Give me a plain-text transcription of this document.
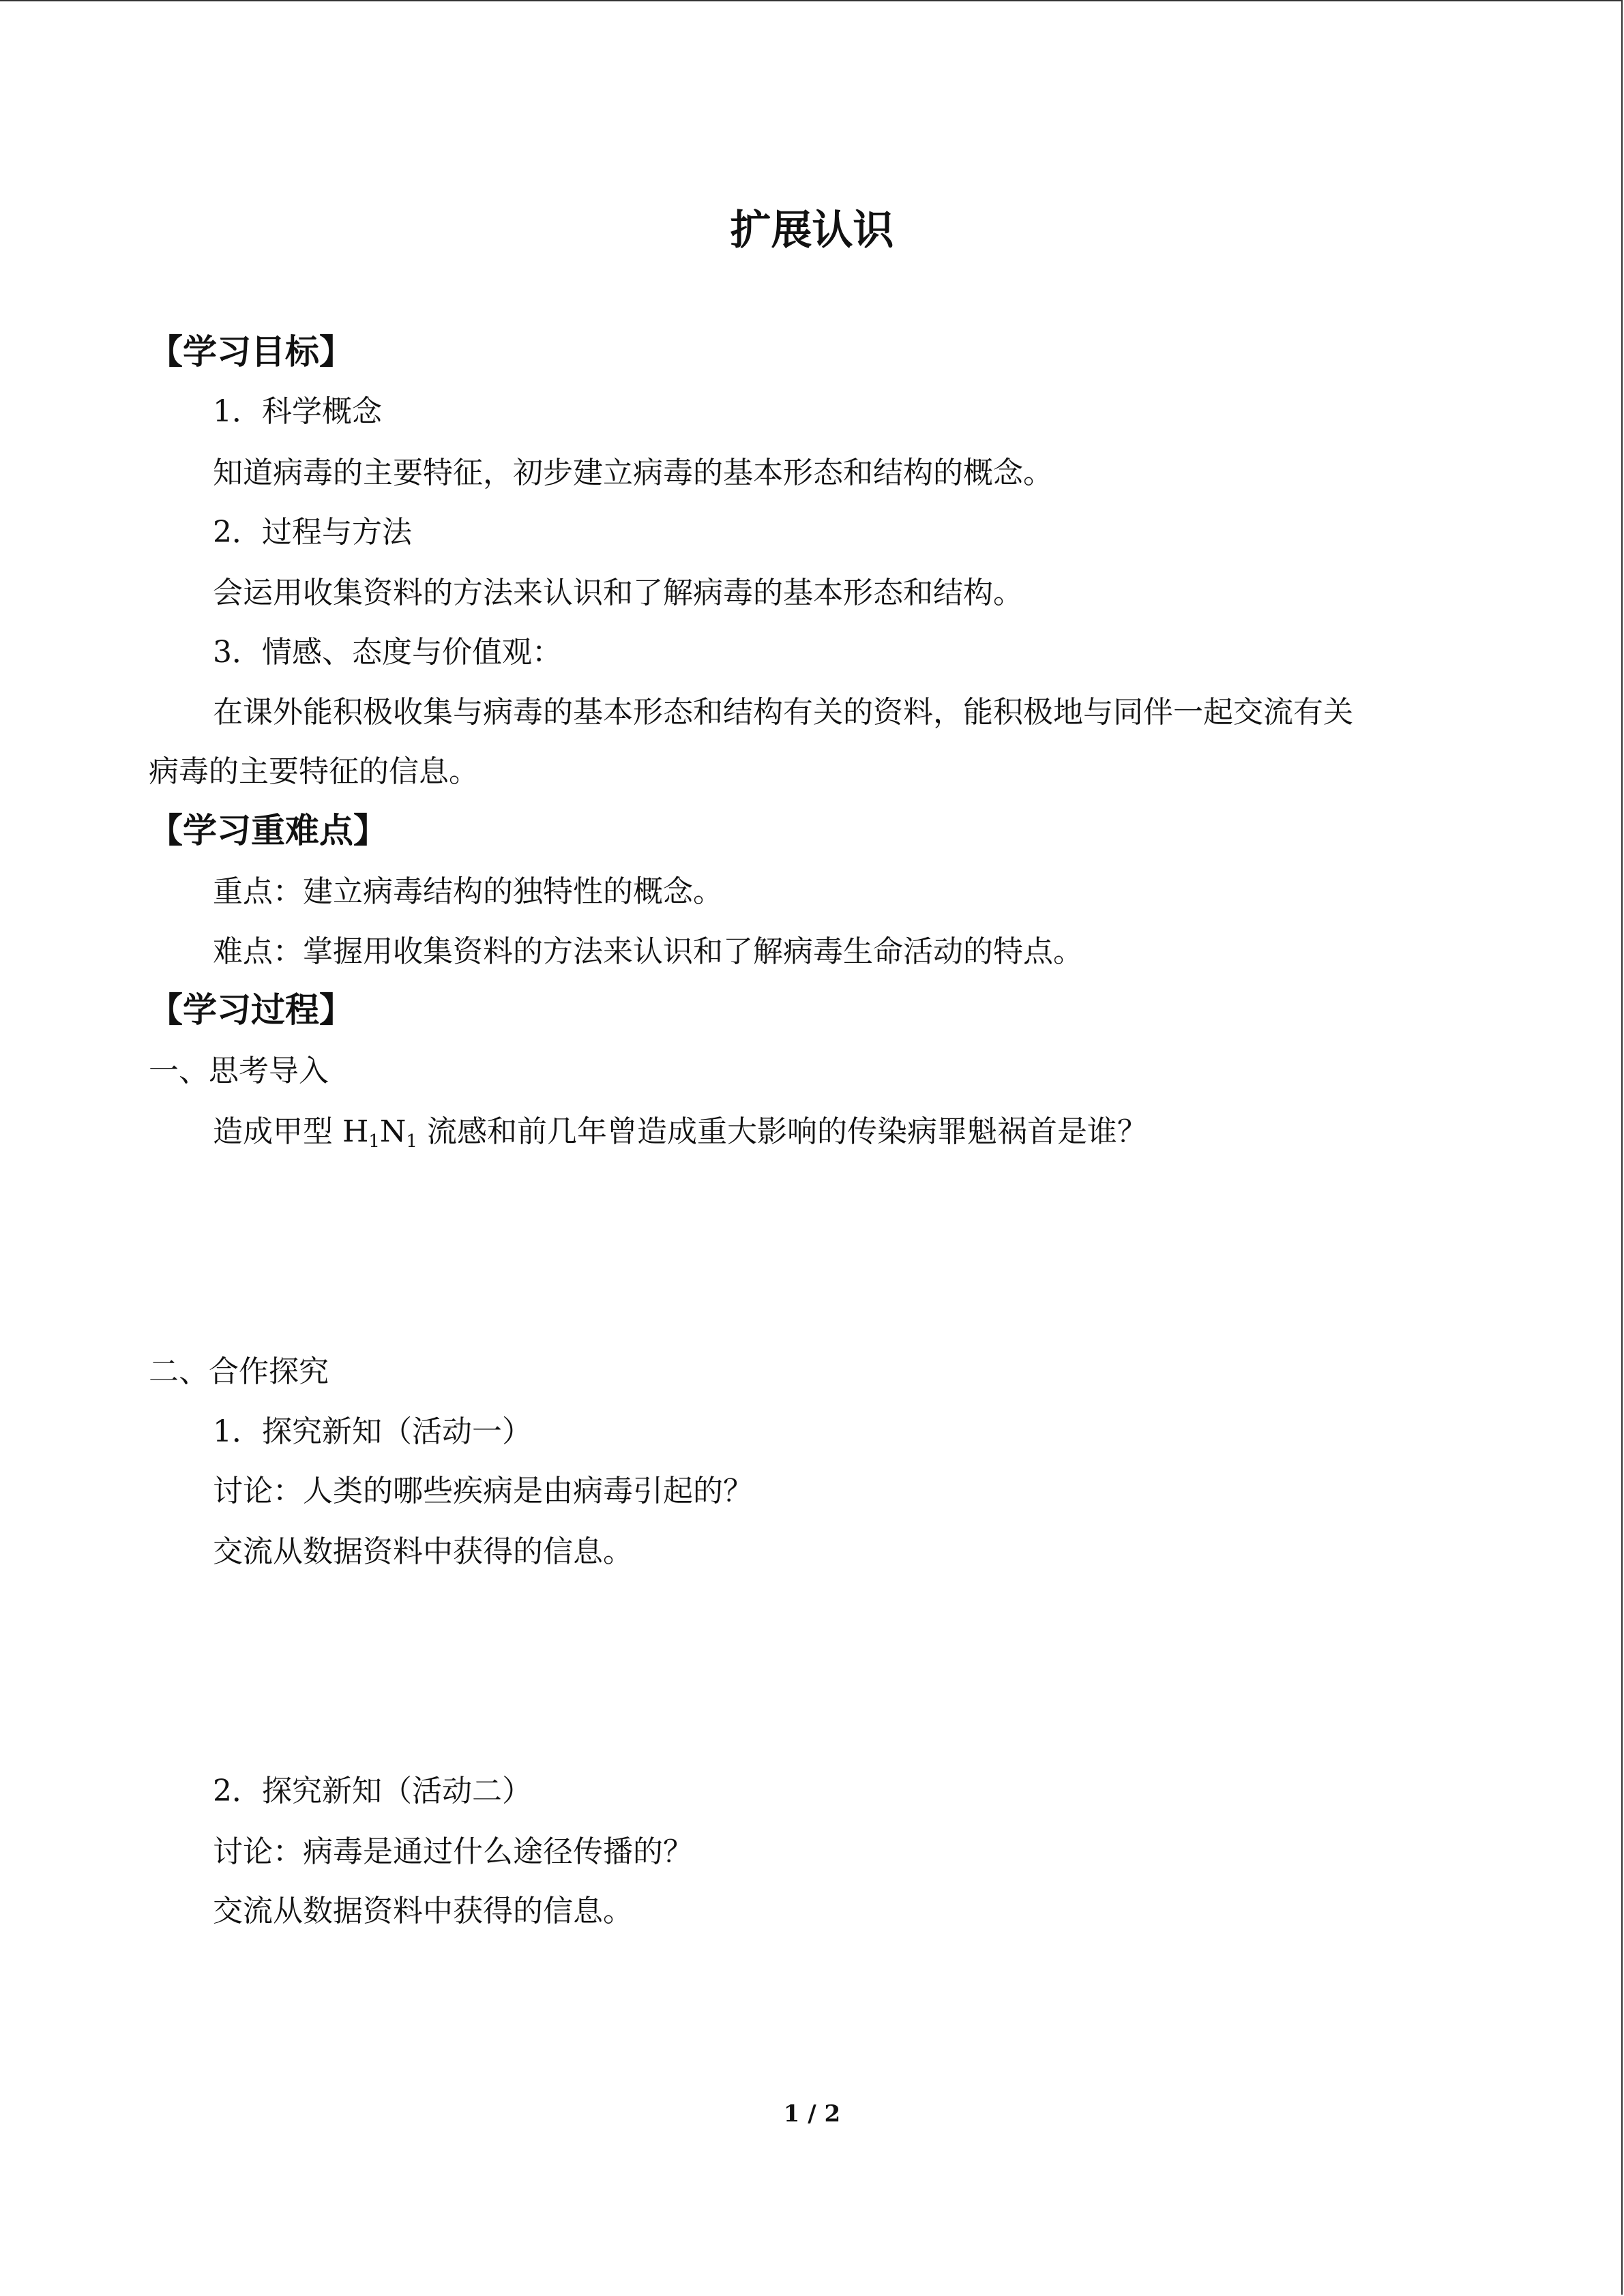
扩展认识
【学习目标】
1．科学概念
知道病毒的主要特征，初步建立病毒的基本形态和结构的概念。
2．过程与方法
会运用收集资料的方法来认识和了解病毒的基本形态和结构。
3．情感、态度与价值观：
在课外能积极收集与病毒的基本形态和结构有关的资料，能积极地与同伴一起交流有关
病毒的主要特征的信息。
【学习重难点】
重点：建立病毒结构的独特性的概念。
难点：掌握用收集资料的方法来认识和了解病毒生命活动的特点。
【学习过程】
一、思考导入
造成甲型 $H_1N_1$ 流感和前几年曾造成重大影响的传染病罪魁祸首是谁？
二、合作探究
1．探究新知（活动一）
讨论：人类的哪些疾病是由病毒引起的？
交流从数据资料中获得的信息。
2．探究新知（活动二）
讨论：病毒是通过什么途径传播的？
交流从数据资料中获得的信息。
1 / 2
